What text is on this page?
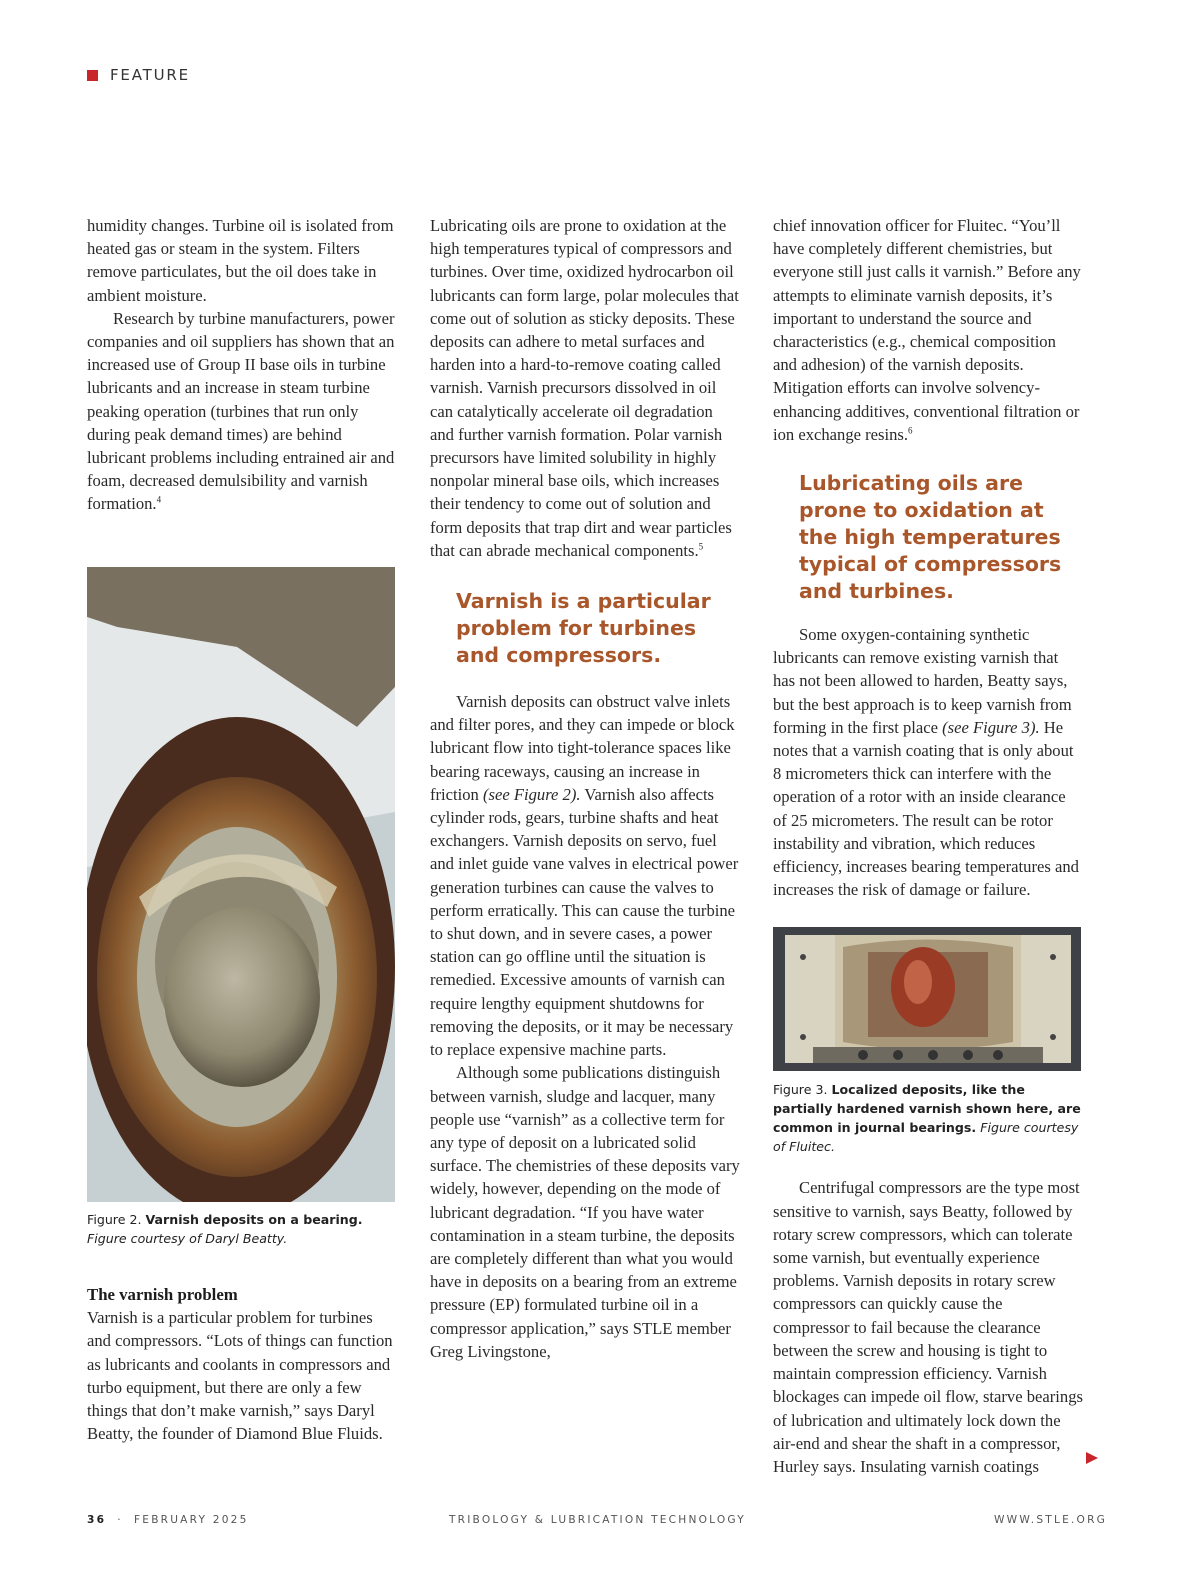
FEATURE

humidity changes. Turbine oil is isolated from heated gas or steam in the system. Filters remove particulates, but the oil does take in ambient moisture.

Research by turbine manufacturers, power companies and oil suppliers has shown that an increased use of Group II base oils in turbine lubricants and an increase in steam turbine peaking operation (turbines that run only during peak demand times) are behind lubricant problems including entrained air and foam, decreased demulsibility and varnish formation.$^4$

Figure 2. Varnish deposits on a bearing.
Figure courtesy of Daryl Beatty.

The varnish problem

Varnish is a particular problem for turbines and compressors. “Lots of things can function as lubricants and coolants in compressors and turbo equipment, but there are only a few things that don’t make varnish,” says Daryl Beatty, the founder of Diamond Blue Fluids.

Lubricating oils are prone to oxidation at the high temperatures typical of compressors and turbines. Over time, oxidized hydrocarbon oil lubricants can form large, polar molecules that come out of solution as sticky deposits. These deposits can adhere to metal surfaces and harden into a hard-to-remove coating called varnish. Varnish precursors dissolved in oil can catalytically accelerate oil degradation and further varnish formation. Polar varnish precursors have limited solubility in highly nonpolar mineral base oils, which increases their tendency to come out of solution and form deposits that trap dirt and wear particles that can abrade mechanical components.$^5$

Varnish is a particular problem for turbines and compressors.

Varnish deposits can obstruct valve inlets and filter pores, and they can impede or block lubricant flow into tight-tolerance spaces like bearing raceways, causing an increase in friction (see Figure 2). Varnish also affects cylinder rods, gears, turbine shafts and heat exchangers. Varnish deposits on servo, fuel and inlet guide vane valves in electrical power generation turbines can cause the valves to perform erratically. This can cause the turbine to shut down, and in severe cases, a power station can go offline until the situation is remedied. Excessive amounts of varnish can require lengthy equipment shutdowns for removing the deposits, or it may be necessary to replace expensive machine parts.

Although some publications distinguish between varnish, sludge and lacquer, many people use “varnish” as a collective term for any type of deposit on a lubricated solid surface. The chemistries of these deposits vary widely, however, depending on the mode of lubricant degradation. “If you have water contamination in a steam turbine, the deposits are completely different than what you would have in deposits on a bearing from an extreme pressure (EP) formulated turbine oil in a compressor application,” says STLE member Greg Livingstone,

chief innovation officer for Fluitec. “You’ll have completely different chemistries, but everyone still just calls it varnish.” Before any attempts to eliminate varnish deposits, it’s important to understand the source and characteristics (e.g., chemical composition and adhesion) of the varnish deposits. Mitigation efforts can involve solvency-enhancing additives, conventional filtration or ion exchange resins.$^6$

Lubricating oils are prone to oxidation at the high temperatures typical of compressors and turbines.

Some oxygen-containing synthetic lubricants can remove existing varnish that has not been allowed to harden, Beatty says, but the best approach is to keep varnish from forming in the first place (see Figure 3). He notes that a varnish coating that is only about 8 micrometers thick can interfere with the operation of a rotor with an inside clearance of 25 micrometers. The result can be rotor instability and vibration, which reduces efficiency, increases bearing temperatures and increases the risk of damage or failure.

Figure 3. Localized deposits, like the partially hardened varnish shown here, are common in journal bearings. Figure courtesy of Fluitec.

Centrifugal compressors are the type most sensitive to varnish, says Beatty, followed by rotary screw compressors, which can tolerate some varnish, but eventually experience problems. Varnish deposits in rotary screw compressors can quickly cause the compressor to fail because the clearance between the screw and housing is tight to maintain compression efficiency. Varnish blockages can impede oil flow, starve bearings of lubrication and ultimately lock down the air-end and shear the shaft in a compressor, Hurley says. Insulating varnish coatings

36 · FEBRUARY 2025	TRIBOLOGY & LUBRICATION TECHNOLOGY	WWW.STLE.ORG
